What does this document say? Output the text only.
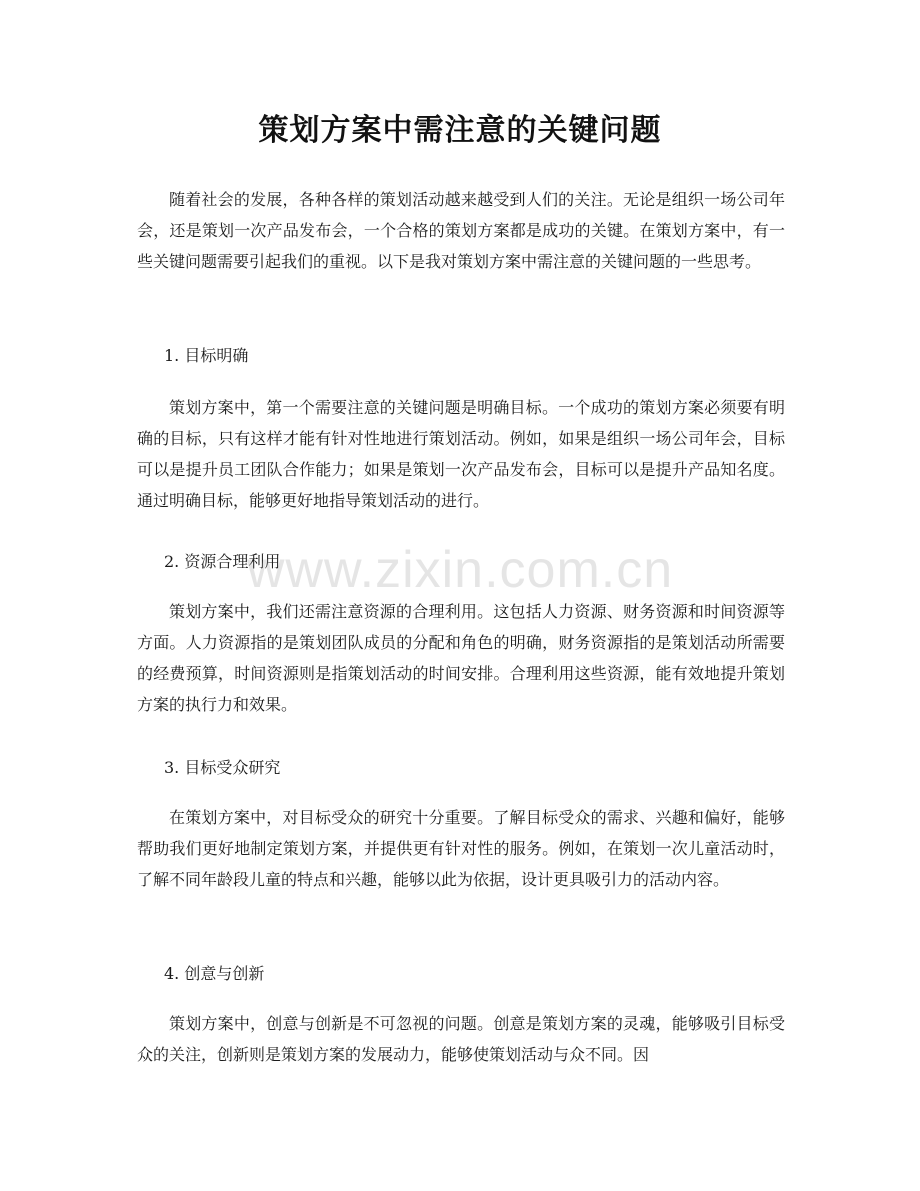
策划方案中需注意的关键问题

随着社会的发展，各种各样的策划活动越来越受到人们的关注。无论是组织一场公司年会，还是策划一次产品发布会，一个合格的策划方案都是成功的关键。在策划方案中，有一些关键问题需要引起我们的重视。以下是我对策划方案中需注意的关键问题的一些思考。

1. 目标明确

策划方案中，第一个需要注意的关键问题是明确目标。一个成功的策划方案必须要有明确的目标，只有这样才能有针对性地进行策划活动。例如，如果是组织一场公司年会，目标可以是提升员工团队合作能力；如果是策划一次产品发布会，目标可以是提升产品知名度。通过明确目标，能够更好地指导策划活动的进行。

2. 资源合理利用

策划方案中，我们还需注意资源的合理利用。这包括人力资源、财务资源和时间资源等方面。人力资源指的是策划团队成员的分配和角色的明确，财务资源指的是策划活动所需要的经费预算，时间资源则是指策划活动的时间安排。合理利用这些资源，能有效地提升策划方案的执行力和效果。

3. 目标受众研究

在策划方案中，对目标受众的研究十分重要。了解目标受众的需求、兴趣和偏好，能够帮助我们更好地制定策划方案，并提供更有针对性的服务。例如，在策划一次儿童活动时，了解不同年龄段儿童的特点和兴趣，能够以此为依据，设计更具吸引力的活动内容。

4. 创意与创新

策划方案中，创意与创新是不可忽视的问题。创意是策划方案的灵魂，能够吸引目标受众的关注，创新则是策划方案的发展动力，能够使策划活动与众不同。因

www.zixin.com.cn
